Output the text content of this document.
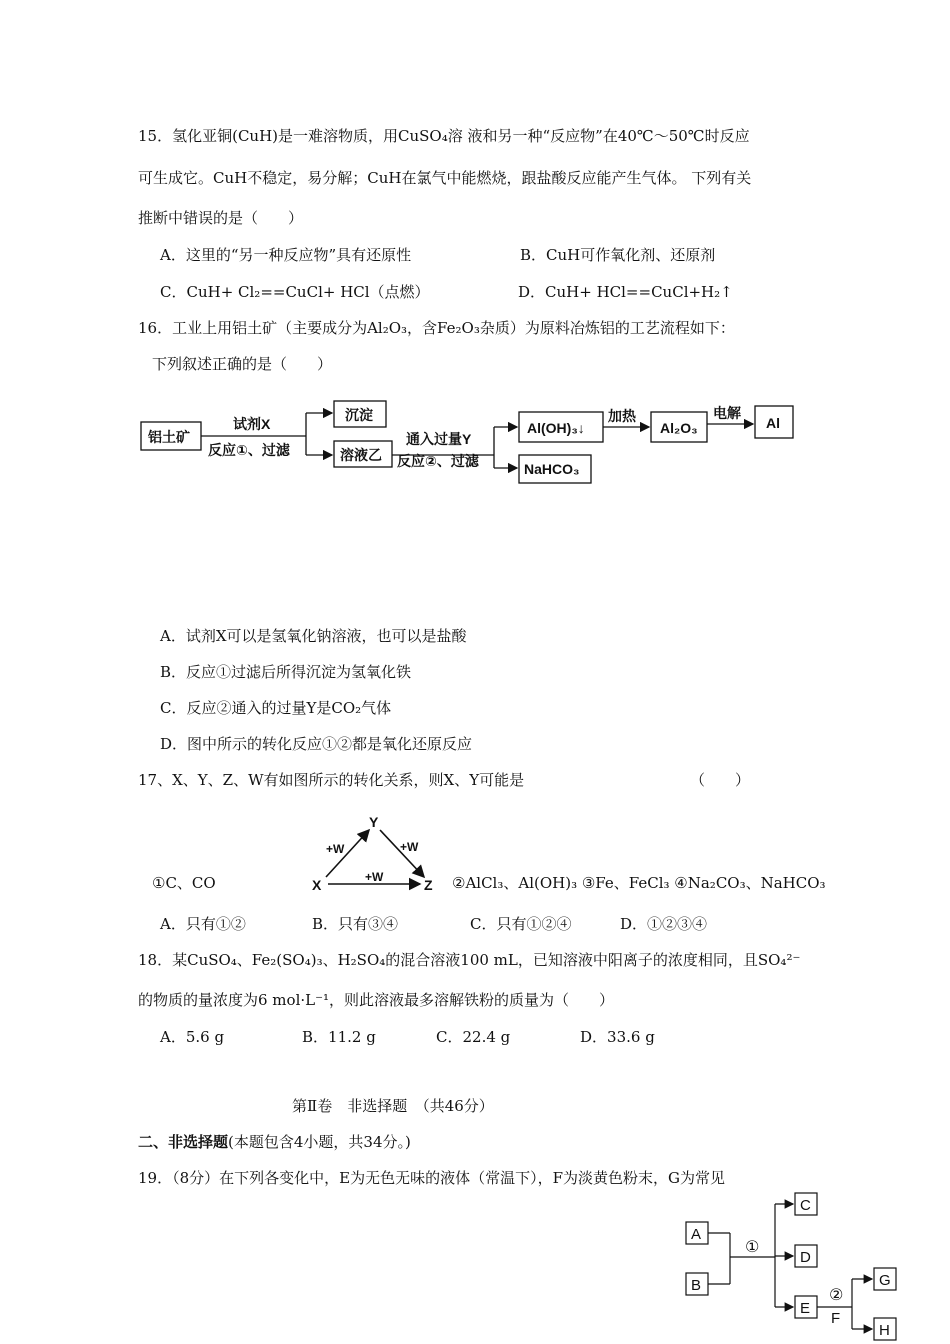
15．氢化亚铜(CuH)是一难溶物质，用CuSO₄溶 液和另一种“反应物”在40℃～50℃时反应
可生成它。CuH不稳定，易分解；CuH在氯气中能燃烧，跟盐酸反应能产生气体。 下列有关
推断中错误的是（　　）
A．这里的“另一种反应物”具有还原性	B．CuH可作氧化剂、还原剂
C．CuH+ Cl₂==CuCl+ HCl（点燃）	D．CuH+ HCl==CuCl+H₂↑
16．工业上用铝土矿（主要成分为Al₂O₃，含Fe₂O₃杂质）为原料冶炼铝的工艺流程如下：
下列叙述正确的是（　　）
铝土矿
试剂X
反应①、过滤
沉淀
溶液乙
通入过量Y
反应②、过滤
Al(OH)₃↓
NaHCO₃
加热
Al₂O₃
电解
Al
Y
X	Z
+W	+W
+W
A
B
C
D
E
G
H
①
②
F
A．试剂X可以是氢氧化钠溶液，也可以是盐酸
B．反应①过滤后所得沉淀为氢氧化铁
C．反应②通入的过量Y是CO₂气体
D．图中所示的转化反应①②都是氧化还原反应
17、X、Y、Z、W有如图所示的转化关系，则X、Y可能是	（　　）
①C、CO	②AlCl₃、Al(OH)₃ ③Fe、FeCl₃ ④Na₂CO₃、NaHCO₃
A．只有①②	B．只有③④	C．只有①②④	D．①②③④
18．某CuSO₄、Fe₂(SO₄)₃、H₂SO₄的混合溶液100 mL，已知溶液中阳离子的浓度相同，且SO₄²⁻
的物质的量浓度为6 mol·L⁻¹，则此溶液最多溶解铁粉的质量为（　　）
A．5.6 g	B．11.2 g	C．22.4 g	D．33.6 g
第Ⅱ卷　非选择题　（共46分）
二、非选择题(本题包含4小题，共34分。)
19．（8分）在下列各变化中，E为无色无味的液体（常温下），F为淡黄色粉末，G为常见
